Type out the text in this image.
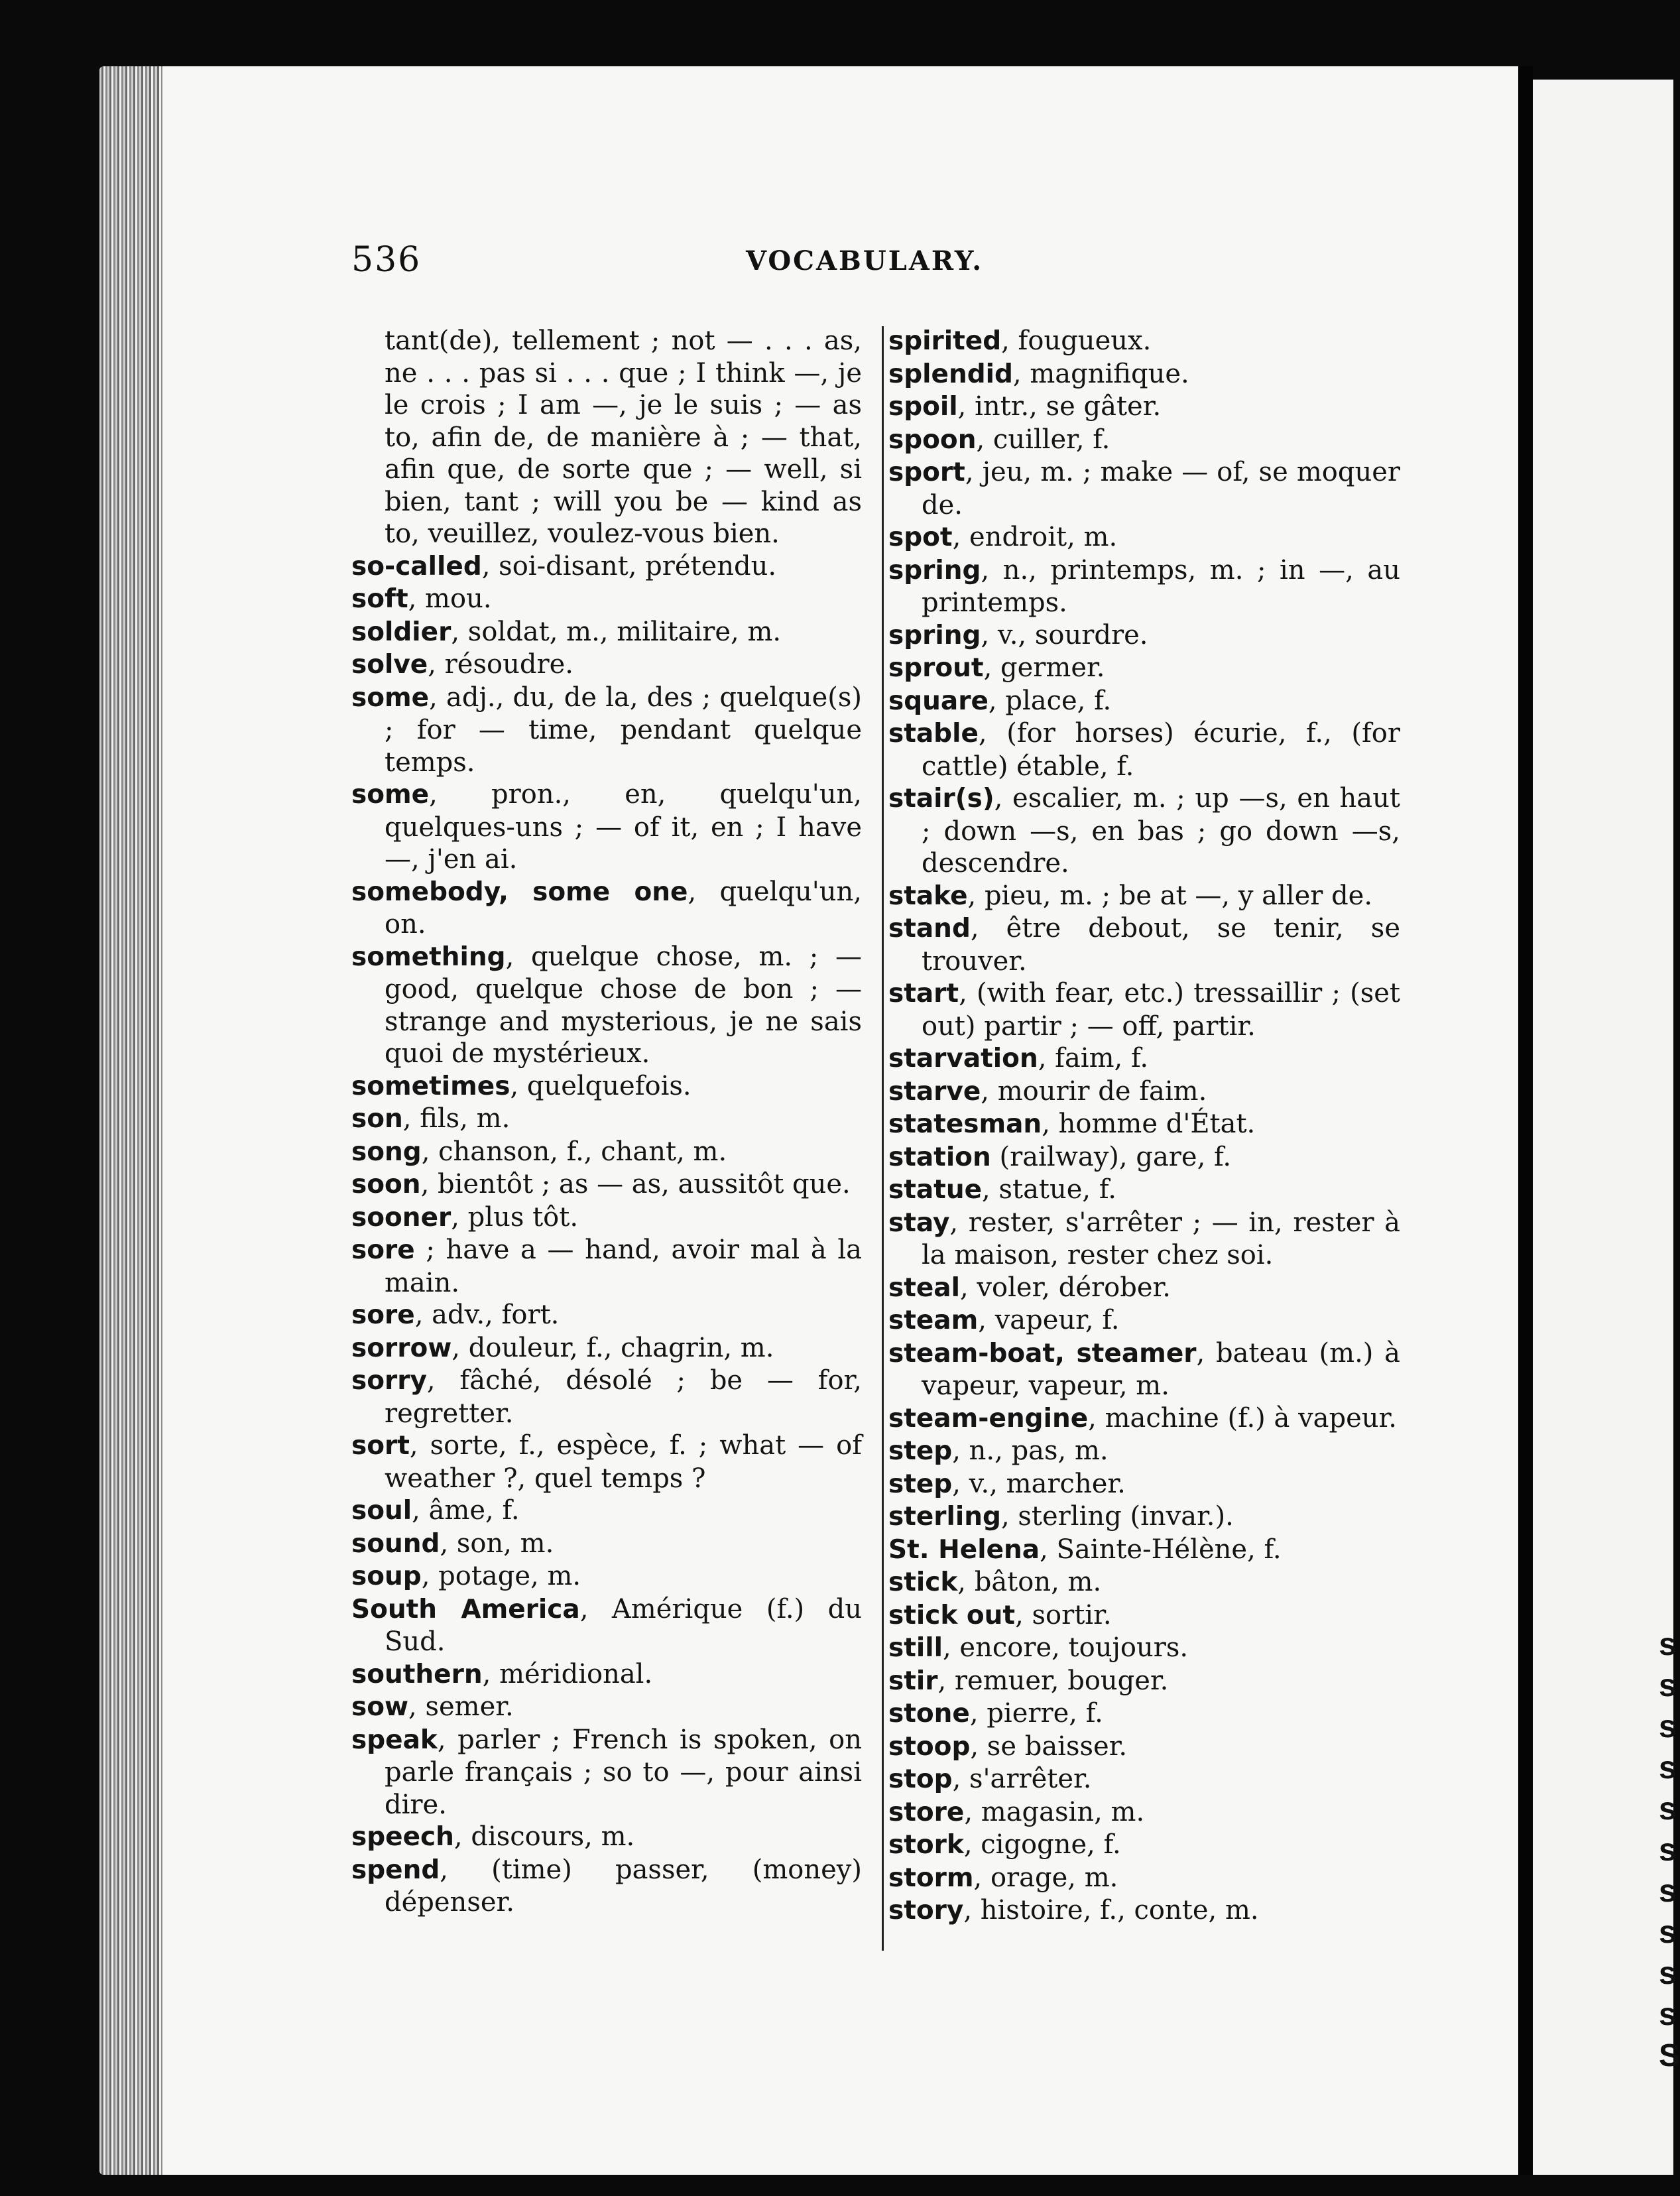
s
s
s
s
s
s
s
s
s
s
S
536	VOCABULARY.
tant(de), tellement ; not — . . . as, ne . . . pas si . . . que ; I think —, je le crois ; I am —, je le suis ; — as to, afin de, de manière à ; — that, afin que, de sorte que ; — well, si bien, tant ; will you be — kind as to, veuillez, voulez-vous bien.
so-called, soi-disant, prétendu.
soft, mou.
soldier, soldat, m., militaire, m.
solve, résoudre.
some, adj., du, de la, des ; quelque(s) ; for — time, pendant quelque temps.
some, pron., en, quelqu'un, quelques-uns ; — of it, en ; I have —, j'en ai.
somebody, some one, quelqu'un, on.
something, quelque chose, m. ; — good, quelque chose de bon ; — strange and mysterious, je ne sais quoi de mystérieux.
sometimes, quelquefois.
son, fils, m.
song, chanson, f., chant, m.
soon, bientôt ; as — as, aussitôt que.
sooner, plus tôt.
sore ; have a — hand, avoir mal à la main.
sore, adv., fort.
sorrow, douleur, f., chagrin, m.
sorry, fâché, désolé ; be — for, regretter.
sort, sorte, f., espèce, f. ; what — of weather ?, quel temps ?
soul, âme, f.
sound, son, m.
soup, potage, m.
South America, Amérique (f.) du Sud.
southern, méridional.
sow, semer.
speak, parler ; French is spoken, on parle français ; so to —, pour ainsi dire.
speech, discours, m.
spend, (time) passer, (money) dépenser.
spirited, fougueux.
splendid, magnifique.
spoil, intr., se gâter.
spoon, cuiller, f.
sport, jeu, m. ; make — of, se moquer de.
spot, endroit, m.
spring, n., printemps, m. ; in —, au printemps.
spring, v., sourdre.
sprout, germer.
square, place, f.
stable, (for horses) écurie, f., (for cattle) étable, f.
stair(s), escalier, m. ; up —s, en haut ; down —s, en bas ; go down —s, descendre.
stake, pieu, m. ; be at —, y aller de.
stand, être debout, se tenir, se trouver.
start, (with fear, etc.) tressaillir ; (set out) partir ; — off, partir.
starvation, faim, f.
starve, mourir de faim.
statesman, homme d'État.
station (railway), gare, f.
statue, statue, f.
stay, rester, s'arrêter ; — in, rester à la maison, rester chez soi.
steal, voler, dérober.
steam, vapeur, f.
steam-boat, steamer, bateau (m.) à vapeur, vapeur, m.
steam-engine, machine (f.) à vapeur.
step, n., pas, m.
step, v., marcher.
sterling, sterling (invar.).
St. Helena, Sainte-Hélène, f.
stick, bâton, m.
stick out, sortir.
still, encore, toujours.
stir, remuer, bouger.
stone, pierre, f.
stoop, se baisser.
stop, s'arrêter.
store, magasin, m.
stork, cigogne, f.
storm, orage, m.
story, histoire, f., conte, m.
